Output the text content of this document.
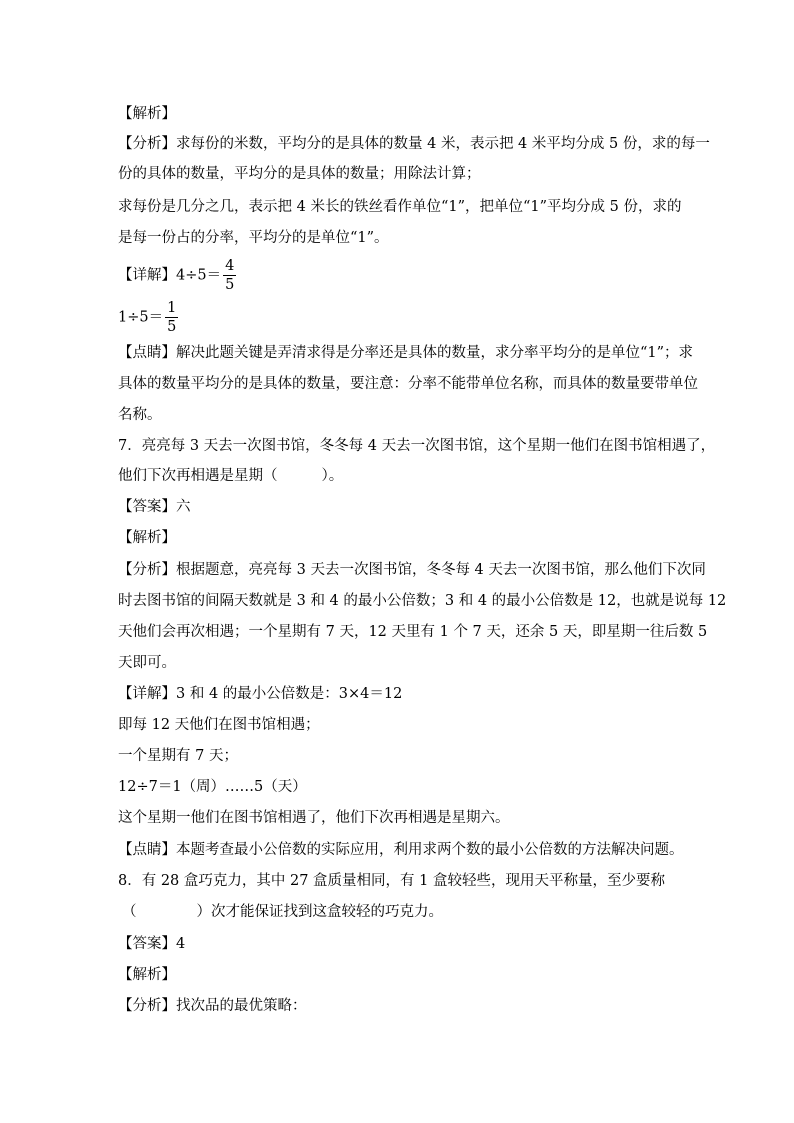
【解析】
【分析】求每份的米数，平均分的是具体的数量 4 米，表示把 4 米平均分成 5 份，求的每一
份的具体的数量，平均分的是具体的数量；用除法计算；
求每份是几分之几，表示把 4 米长的铁丝看作单位“1”，把单位“1”平均分成 5 份，求的
是每一份占的分率，平均分的是单位“1”。
【详解】$4\div 5= \frac{4}{5}$
$1\div 5= \frac{1}{5}$
【点睛】解决此题关键是弄清求得是分率还是具体的数量，求分率平均分的是单位“1”；求
具体的数量平均分的是具体的数量，要注意：分率不能带单位名称，而具体的数量要带单位
名称。
7．亮亮每 3 天去一次图书馆，冬冬每 4 天去一次图书馆，这个星期一他们在图书馆相遇了，
他们下次再相遇是星期（	）。
【答案】六
【解析】
【分析】根据题意，亮亮每 3 天去一次图书馆，冬冬每 4 天去一次图书馆，那么他们下次同
时去图书馆的间隔天数就是 3 和 4 的最小公倍数；3 和 4 的最小公倍数是 12，也就是说每 12
天他们会再次相遇；一个星期有 7 天，12 天里有 1 个 7 天，还余 5 天，即星期一往后数 5
天即可。
【详解】3 和 4 的最小公倍数是：3×4＝12
即每 12 天他们在图书馆相遇；
一个星期有 7 天；
12÷7＝1（周）……5（天）
这个星期一他们在图书馆相遇了，他们下次再相遇是星期六。
【点睛】本题考查最小公倍数的实际应用，利用求两个数的最小公倍数的方法解决问题。
8．有 28 盒巧克力，其中 27 盒质量相同，有 1 盒较轻些，现用天平称量，至少要称
（	）次才能保证找到这盒较轻的巧克力。
【答案】4
【解析】
【分析】找次品的最优策略：
